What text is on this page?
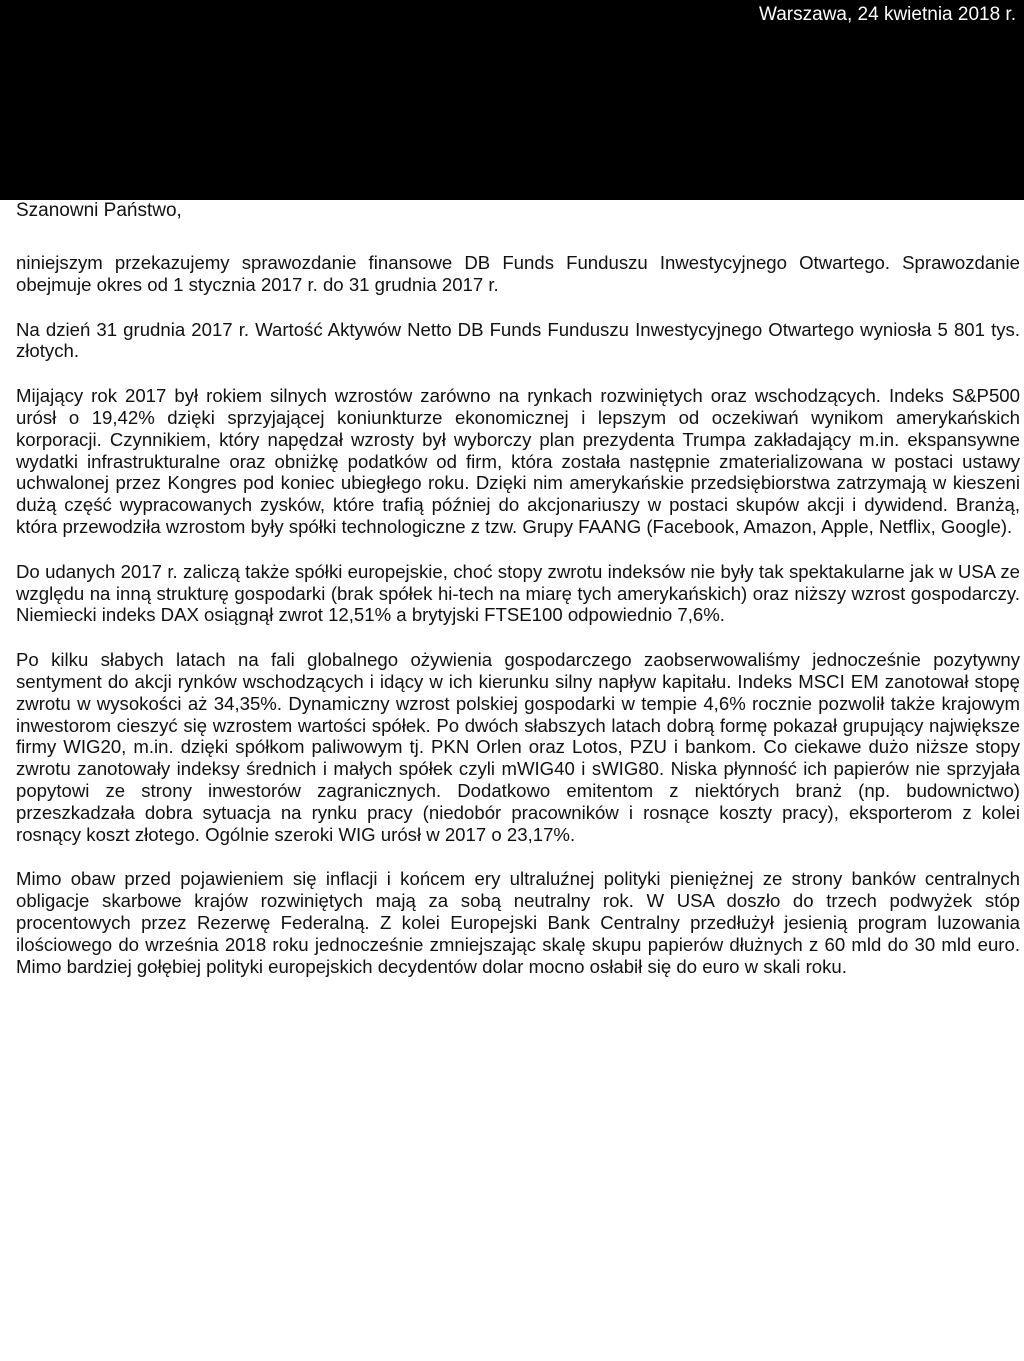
Warszawa, 24 kwietnia 2018 r.
Szanowni Państwo,

niniejszym przekazujemy sprawozdanie finansowe DB Funds Funduszu Inwestycyjnego Otwartego. Sprawozdanie obejmuje okres od 1 stycznia 2017 r. do 31 grudnia 2017 r.

Na dzień 31 grudnia 2017 r. Wartość Aktywów Netto DB Funds Funduszu Inwestycyjnego Otwartego wyniosła 5 801 tys. złotych.

Mijający rok 2017 był rokiem silnych wzrostów zarówno na rynkach rozwiniętych oraz wschodzących. Indeks S&P500 urósł o 19,42% dzięki sprzyjającej koniunkturze ekonomicznej i lepszym od oczekiwań wynikom amerykańskich korporacji. Czynnikiem, który napędzał wzrosty był wyborczy plan prezydenta Trumpa zakładający m.in. ekspansywne wydatki infrastrukturalne oraz obniżkę podatków od firm, która została następnie zmaterializowana w postaci ustawy uchwalonej przez Kongres pod koniec ubiegłego roku. Dzięki nim amerykańskie przedsiębiorstwa zatrzymają w kieszeni dużą część wypracowanych zysków, które trafią później do akcjonariuszy w postaci skupów akcji i dywidend. Branżą, która przewodziła wzrostom były spółki technologiczne z tzw. Grupy FAANG (Facebook, Amazon, Apple, Netflix, Google).

Do udanych 2017 r. zaliczą także spółki europejskie, choć stopy zwrotu indeksów nie były tak spektakularne jak w USA ze względu na inną strukturę gospodarki (brak spółek hi-tech na miarę tych amerykańskich) oraz niższy wzrost gospodarczy. Niemiecki indeks DAX osiągnął zwrot 12,51% a brytyjski FTSE100 odpowiednio 7,6%.

Po kilku słabych latach na fali globalnego ożywienia gospodarczego zaobserwowaliśmy jednocześnie pozytywny sentyment do akcji rynków wschodzących i idący w ich kierunku silny napływ kapitału. Indeks MSCI EM zanotował stopę zwrotu w wysokości aż 34,35%. Dynamiczny wzrost polskiej gospodarki w tempie 4,6% rocznie pozwolił także krajowym inwestorom cieszyć się wzrostem wartości spółek. Po dwóch słabszych latach dobrą formę pokazał grupujący największe firmy WIG20, m.in. dzięki spółkom paliwowym tj. PKN Orlen oraz Lotos, PZU i bankom. Co ciekawe dużo niższe stopy zwrotu zanotowały indeksy średnich i małych spółek czyli mWIG40 i sWIG80. Niska płynność ich papierów nie sprzyjała popytowi ze strony inwestorów zagranicznych. Dodatkowo emitentom z niektórych branż (np. budownictwo) przeszkadzała dobra sytuacja na rynku pracy (niedobór pracowników i rosnące koszty pracy), eksporterom z kolei rosnący koszt złotego. Ogólnie szeroki WIG urósł w 2017 o 23,17%.

Mimo obaw przed pojawieniem się inflacji i końcem ery ultraluźnej polityki pieniężnej ze strony banków centralnych obligacje skarbowe krajów rozwiniętych mają za sobą neutralny rok. W USA doszło do trzech podwyżek stóp procentowych przez Rezerwę Federalną. Z kolei Europejski Bank Centralny przedłużył jesienią program luzowania ilościowego do września 2018 roku jednocześnie zmniejszając skalę skupu papierów dłużnych z 60 mld do 30 mld euro. Mimo bardziej gołębiej polityki europejskich decydentów dolar mocno osłabił się do euro w skali roku.
